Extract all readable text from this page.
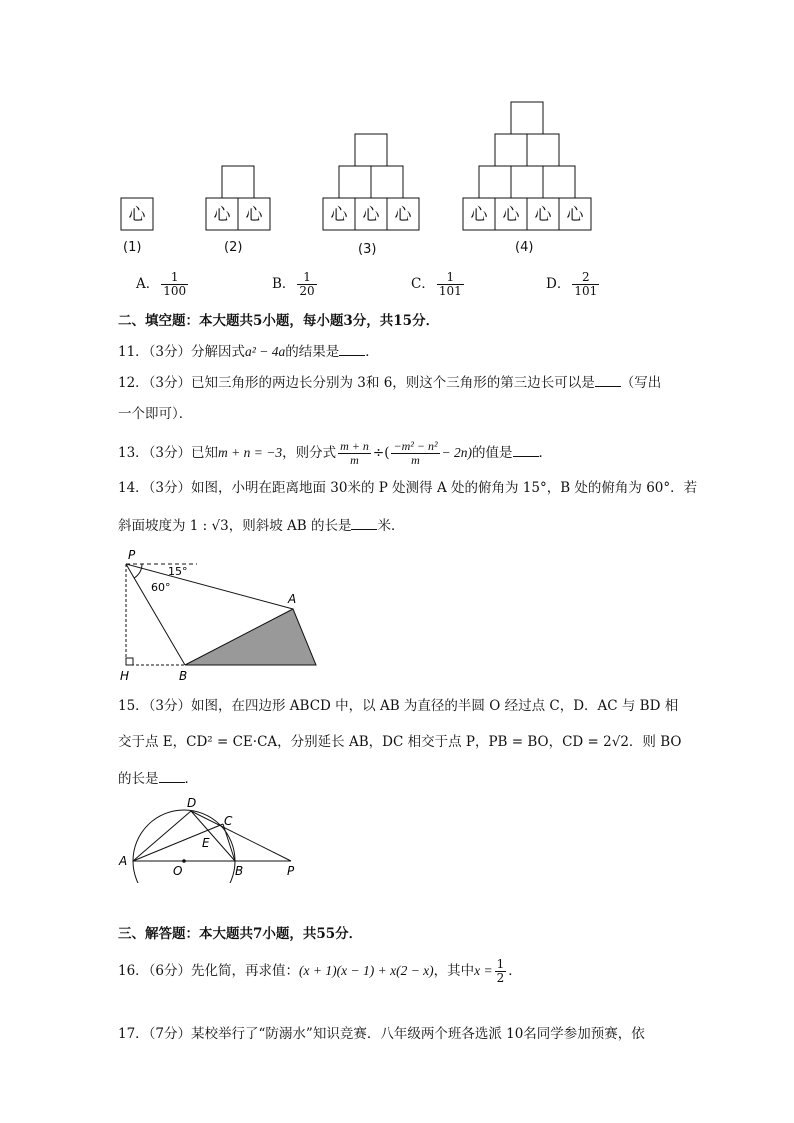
心	心 心	心 心 心	心 心 心 心
(1)	(2)	(3)	(4)
A． $\frac{1}{100}$	B． $\frac{1}{20}$	C． $\frac{1}{101}$	D． $\frac{2}{101}$
二、填空题：本大题共5小题，每小题3分，共15分．
11．（3分）分解因式a² − 4a的结果是 ．
12．（3分）已知三角形的两边长分别为 3和 6，则这个三角形的第三边长可以是 （写出
一个即可）．
13．（3分）已知m + n = −3，则分式 $\frac{m + n}{m}$ ÷( $\frac{\text{−m² − n²}}{m} - 2n$)的值是 ．
14．（3分）如图，小明在距离地面 30米的 P 处测得 A 处的俯角为 15°，B 处的俯角为 60°．若
斜面坡度为 1 : √3，则斜坡 AB 的长是 米．
P
A
B
H
15°
60°
15．（3分）如图，在四边形 ABCD 中，以 AB 为直径的半圆 O 经过点 C，D．AC 与 BD 相
交于点 E，CD² = CE·CA，分别延长 AB，DC 相交于点 P，PB = BO，CD = 2√2．则 BO
的长是 ．
A
D
C
E
O	B	P
三、解答题：本大题共7小题，共55分．
16．（6分）先化简，再求值：(x + 1)(x − 1) + x(2 − x)，其中$x = \frac{1}{2}$ ．
17．（7分）某校举行了“防溺水”知识竞赛．八年级两个班各选派 10名同学参加预赛，依
